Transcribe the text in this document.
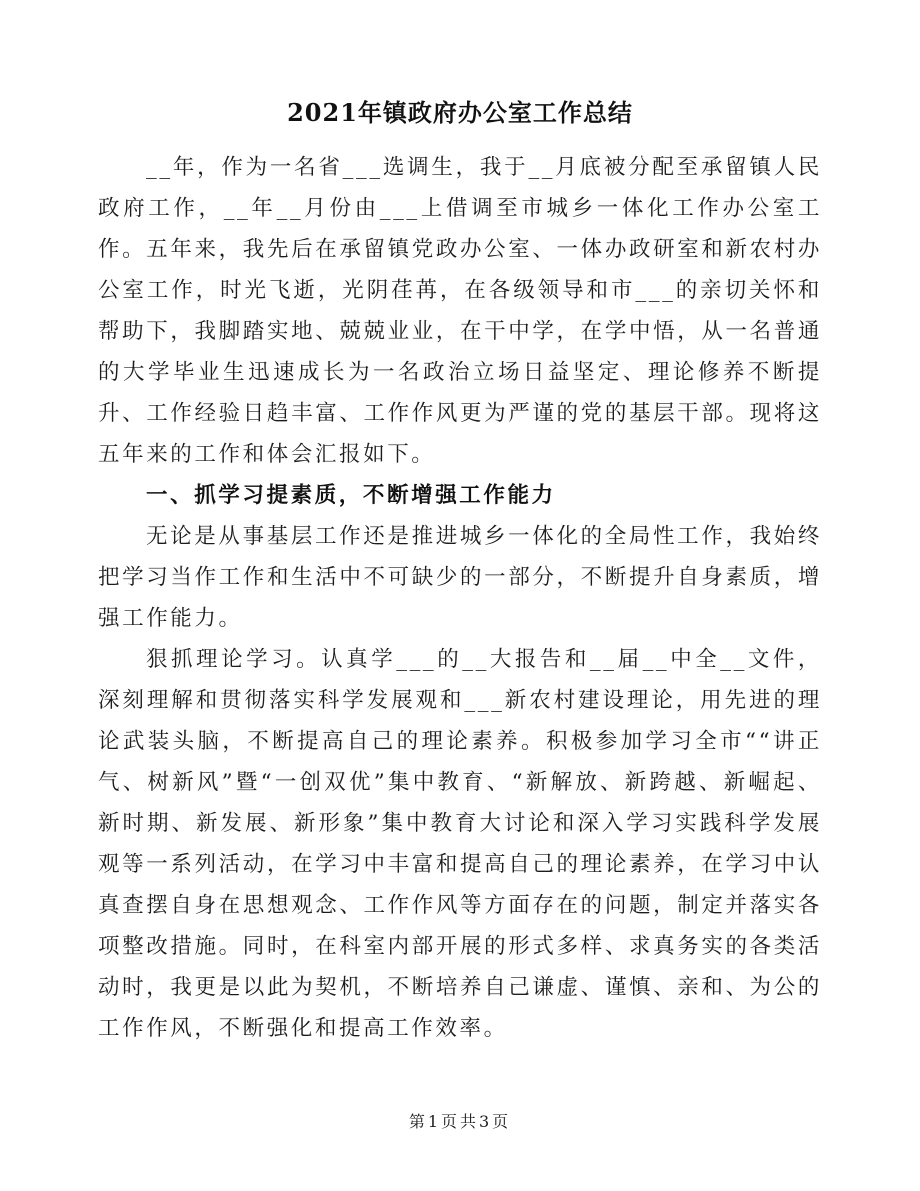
2021年镇政府办公室工作总结

__年，作为一名省___选调生，我于__月底被分配至承留镇人民政府工作，__年__月份由___上借调至市城乡一体化工作办公室工作。五年来，我先后在承留镇党政办公室、一体办政研室和新农村办公室工作，时光飞逝，光阴荏苒，在各级领导和市___的亲切关怀和帮助下，我脚踏实地、兢兢业业，在干中学，在学中悟，从一名普通的大学毕业生迅速成长为一名政治立场日益坚定、理论修养不断提升、工作经验日趋丰富、工作作风更为严谨的党的基层干部。现将这五年来的工作和体会汇报如下。

一、抓学习提素质，不断增强工作能力

无论是从事基层工作还是推进城乡一体化的全局性工作，我始终把学习当作工作和生活中不可缺少的一部分，不断提升自身素质，增强工作能力。

狠抓理论学习。认真学___的__大报告和__届__中全__文件，深刻理解和贯彻落实科学发展观和___新农村建设理论，用先进的理论武装头脑，不断提高自己的理论素养。积极参加学习全市““讲正气、树新风”暨“一创双优”集中教育、“新解放、新跨越、新崛起、新时期、新发展、新形象”集中教育大讨论和深入学习实践科学发展观等一系列活动，在学习中丰富和提高自己的理论素养，在学习中认真查摆自身在思想观念、工作作风等方面存在的问题，制定并落实各项整改措施。同时，在科室内部开展的形式多样、求真务实的各类活动时，我更是以此为契机，不断培养自己谦虚、谨慎、亲和、为公的工作作风，不断强化和提高工作效率。

第1页共3页
